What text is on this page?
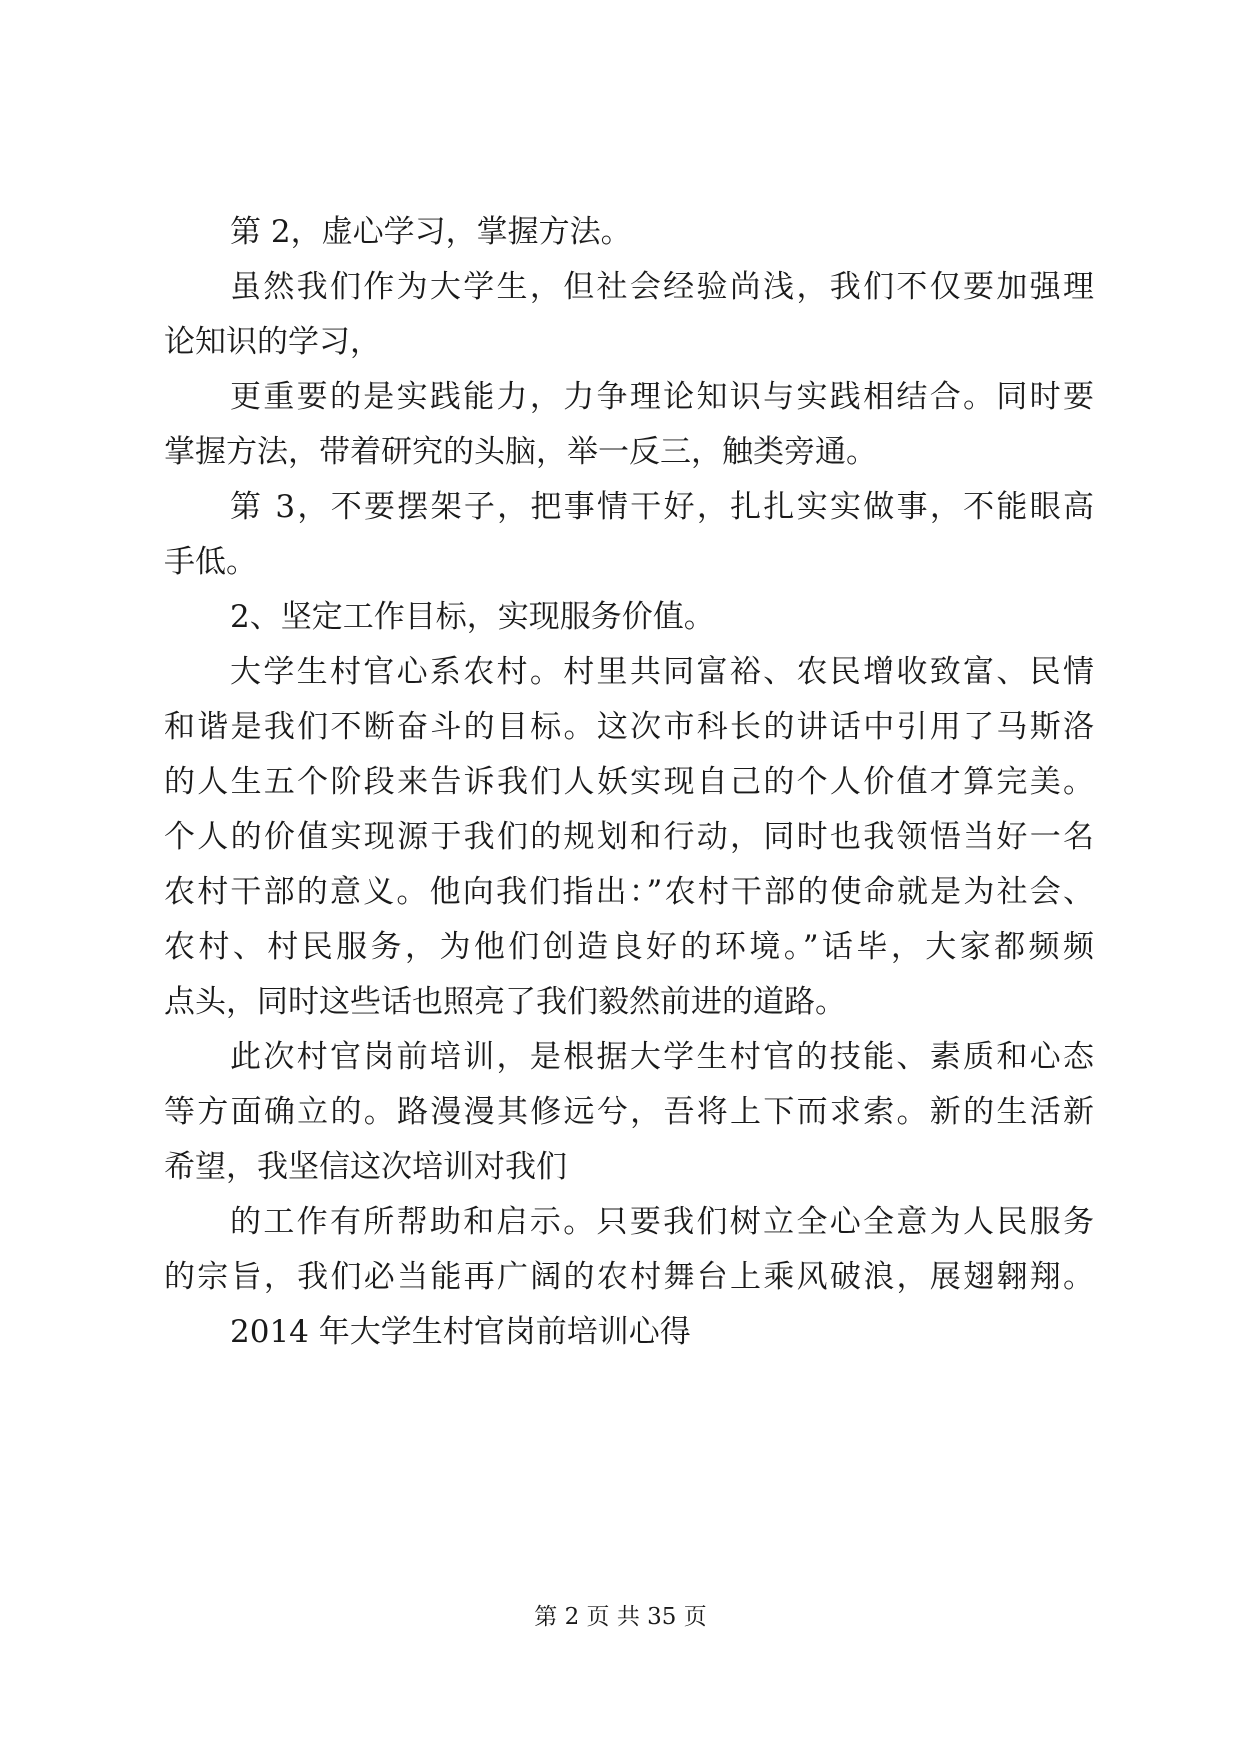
第 2，虚心学习，掌握方法。
虽然我们作为大学生，但社会经验尚浅，我们不仅要加强理
论知识的学习，
更重要的是实践能力，力争理论知识与实践相结合。同时要
掌握方法，带着研究的头脑，举一反三，触类旁通。
第 3，不要摆架子，把事情干好，扎扎实实做事，不能眼高
手低。
2、坚定工作目标，实现服务价值。
大学生村官心系农村。村里共同富裕、农民增收致富、民情
和谐是我们不断奋斗的目标。这次市科长的讲话中引用了马斯洛
的人生五个阶段来告诉我们人妖实现自己的个人价值才算完美。
个人的价值实现源于我们的规划和行动，同时也我领悟当好一名
农村干部的意义。他向我们指出：”农村干部的使命就是为社会、
农村、村民服务，为他们创造良好的环境。”话毕，大家都频频
点头，同时这些话也照亮了我们毅然前进的道路。
此次村官岗前培训，是根据大学生村官的技能、素质和心态
等方面确立的。路漫漫其修远兮，吾将上下而求索。新的生活新
希望，我坚信这次培训对我们
的工作有所帮助和启示。只要我们树立全心全意为人民服务
的宗旨，我们必当能再广阔的农村舞台上乘风破浪，展翅翱翔。
2014 年大学生村官岗前培训心得
第 2 页 共 35 页
